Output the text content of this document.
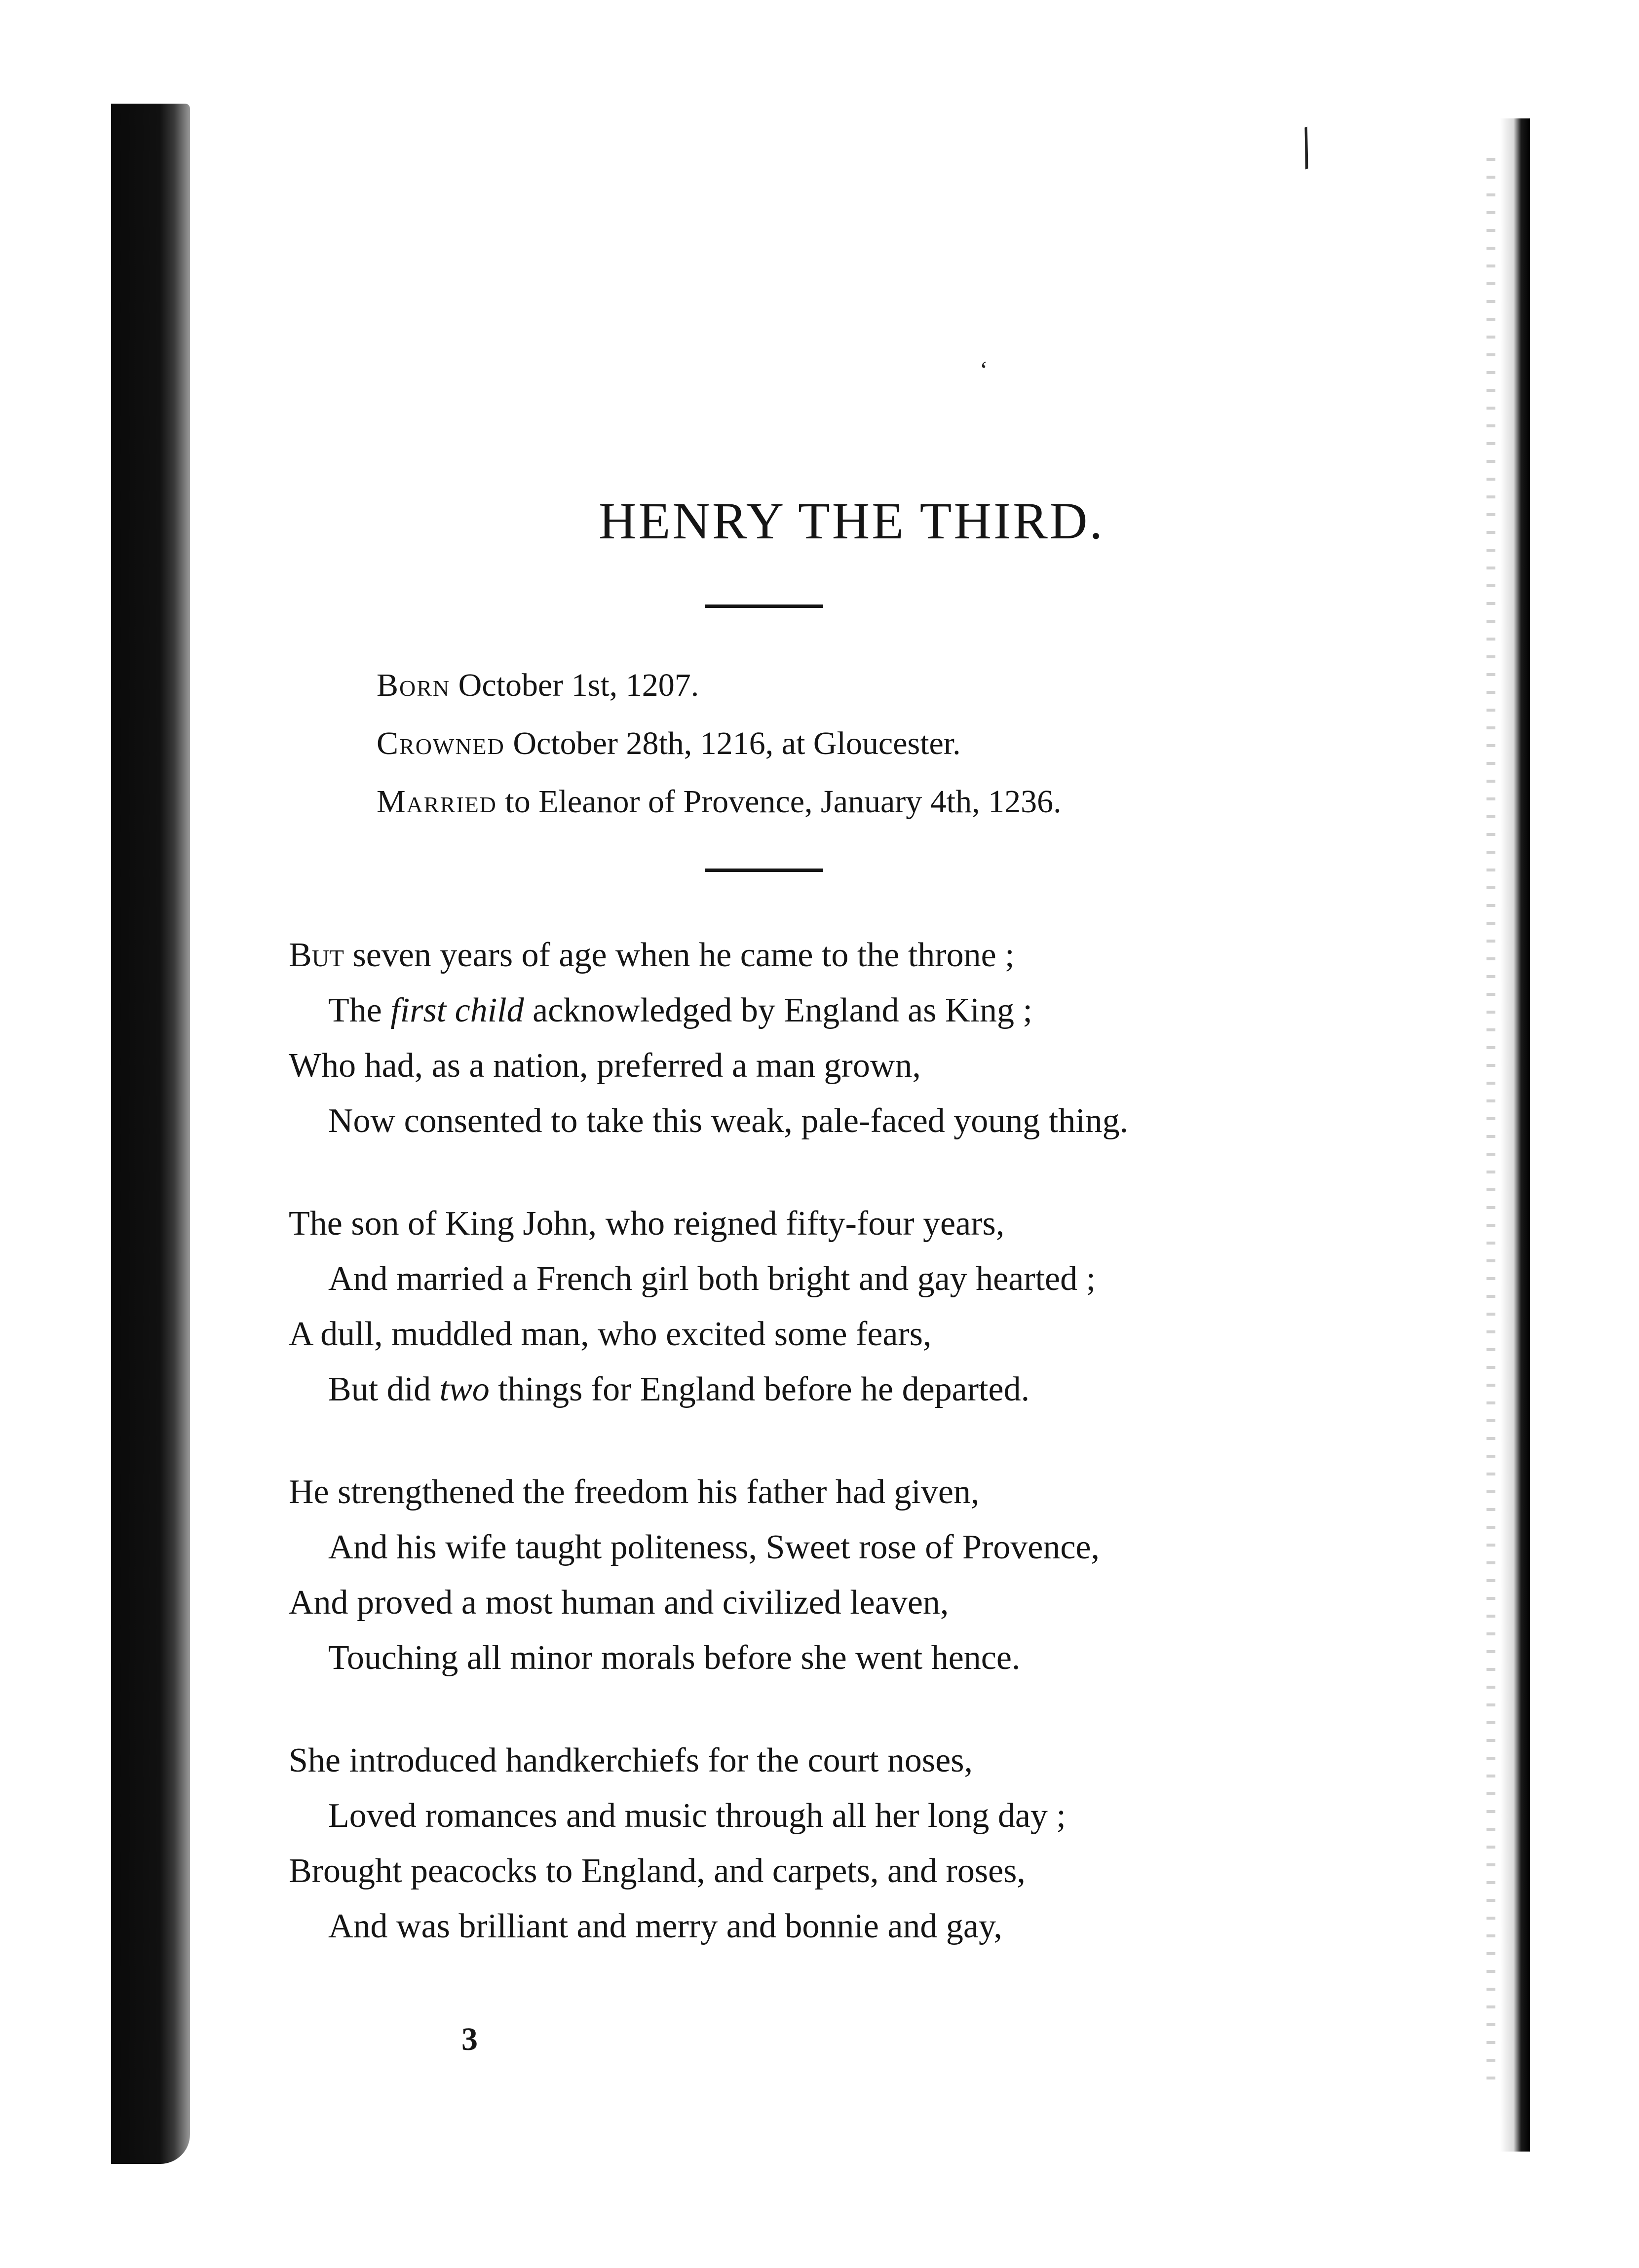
/
‘
HENRY THE THIRD.
Born October 1st, 1207.
Crowned October 28th, 1216, at Gloucester.
Married to Eleanor of Provence, January 4th, 1236.
But seven years of age when he came to the throne ;
The first child acknowledged by England as King ;
Who had, as a nation, preferred a man grown,
Now consented to take this weak, pale-faced young thing.
The son of King John, who reigned fifty-four years,
And married a French girl both bright and gay hearted ;
A dull, muddled man, who excited some fears,
But did two things for England before he departed.
He strengthened the freedom his father had given,
And his wife taught politeness, Sweet rose of Provence,
And proved a most human and civilized leaven,
Touching all minor morals before she went hence.
She introduced handkerchiefs for the court noses,
Loved romances and music through all her long day ;
Brought peacocks to England, and carpets, and roses,
And was brilliant and merry and bonnie and gay,
3
